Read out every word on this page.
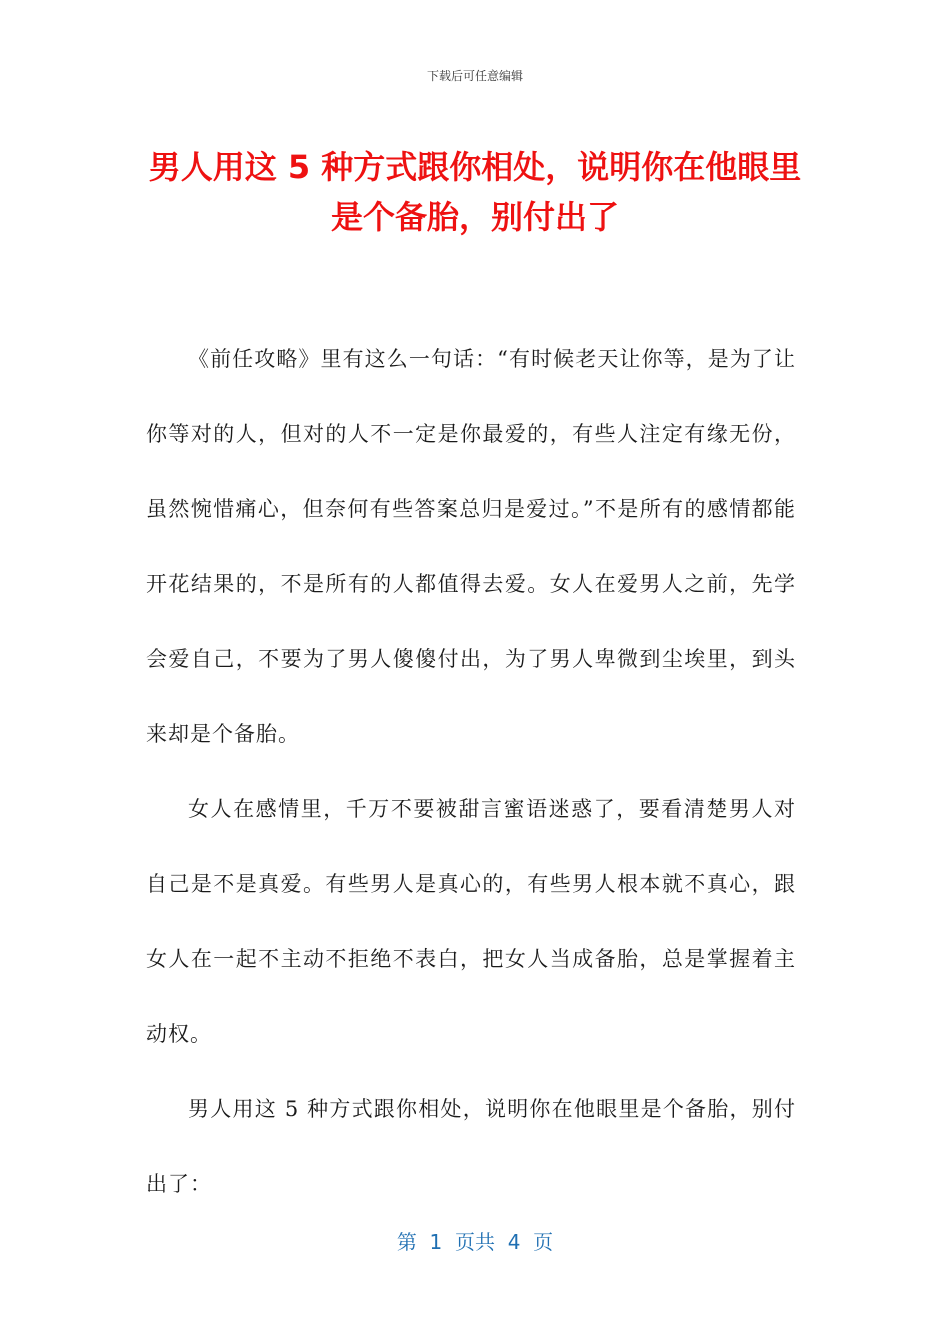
下载后可任意编辑
男人用这 5 种方式跟你相处，说明你在他眼里是个备胎，别付出了

《前任攻略》里有这么一句话：“有时候老天让你等，是为了让你等对的人，但对的人不一定是你最爱的，有些人注定有缘无份，虽然惋惜痛心，但奈何有些答案总归是爱过。”不是所有的感情都能开花结果的，不是所有的人都值得去爱。女人在爱男人之前，先学会爱自己，不要为了男人傻傻付出，为了男人卑微到尘埃里，到头来却是个备胎。

女人在感情里，千万不要被甜言蜜语迷惑了，要看清楚男人对自己是不是真爱。有些男人是真心的，有些男人根本就不真心，跟女人在一起不主动不拒绝不表白，把女人当成备胎，总是掌握着主动权。

男人用这 5 种方式跟你相处，说明你在他眼里是个备胎，别付出了：

第  1  页共  4  页
